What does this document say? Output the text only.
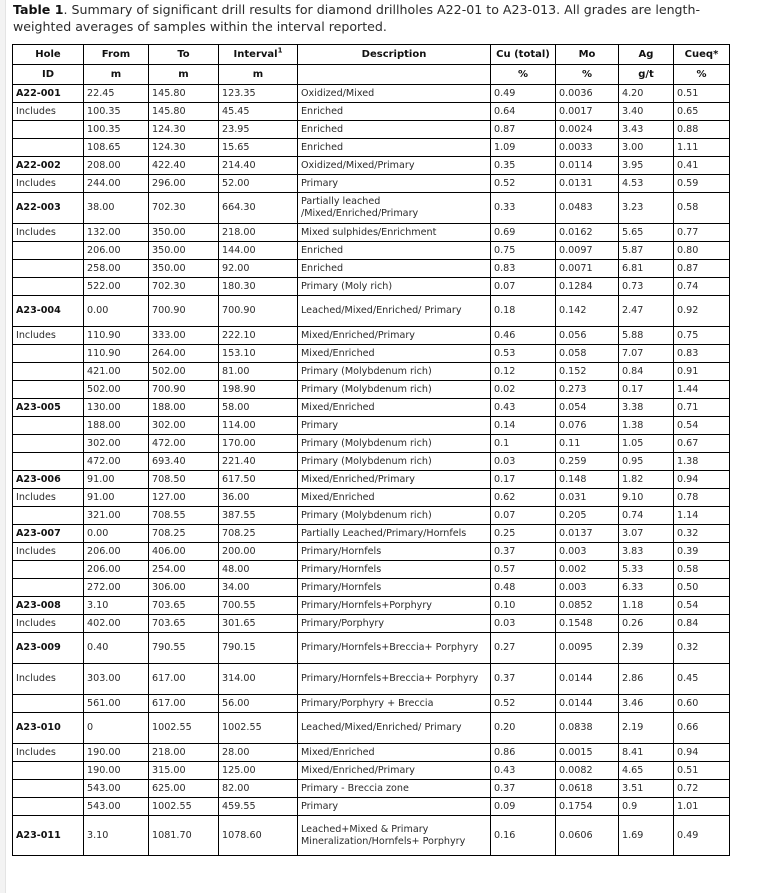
Table 1. Summary of significant drill results for diamond drillholes A22-01 to A23-013. All grades are length-weighted averages of samples within the interval reported.
Hole	From	To	Interval$^1$	Description	Cu (total)	Mo	Ag	Cueq*
ID	m	m	m		%	%	g/t	%
A22-001	22.45	145.80	123.35	Oxidized/Mixed	0.49	0.0036	4.20	0.51
Includes	100.35	145.80	45.45	Enriched	0.64	0.0017	3.40	0.65
	100.35	124.30	23.95	Enriched	0.87	0.0024	3.43	0.88
	108.65	124.30	15.65	Enriched	1.09	0.0033	3.00	1.11
A22-002	208.00	422.40	214.40	Oxidized/Mixed/Primary	0.35	0.0114	3.95	0.41
Includes	244.00	296.00	52.00	Primary	0.52	0.0131	4.53	0.59
A22-003	38.00	702.30	664.30	Partially leached /Mixed/Enriched/Primary	0.33	0.0483	3.23	0.58
Includes	132.00	350.00	218.00	Mixed sulphides/Enrichment	0.69	0.0162	5.65	0.77
	206.00	350.00	144.00	Enriched	0.75	0.0097	5.87	0.80
	258.00	350.00	92.00	Enriched	0.83	0.0071	6.81	0.87
	522.00	702.30	180.30	Primary (Moly rich)	0.07	0.1284	0.73	0.74
A23-004	0.00	700.90	700.90	Leached/Mixed/Enriched/ Primary	0.18	0.142	2.47	0.92
Includes	110.90	333.00	222.10	Mixed/Enriched/Primary	0.46	0.056	5.88	0.75
	110.90	264.00	153.10	Mixed/Enriched	0.53	0.058	7.07	0.83
	421.00	502.00	81.00	Primary (Molybdenum rich)	0.12	0.152	0.84	0.91
	502.00	700.90	198.90	Primary (Molybdenum rich)	0.02	0.273	0.17	1.44
A23-005	130.00	188.00	58.00	Mixed/Enriched	0.43	0.054	3.38	0.71
	188.00	302.00	114.00	Primary	0.14	0.076	1.38	0.54
	302.00	472.00	170.00	Primary (Molybdenum rich)	0.1	0.11	1.05	0.67
	472.00	693.40	221.40	Primary (Molybdenum rich)	0.03	0.259	0.95	1.38
A23-006	91.00	708.50	617.50	Mixed/Enriched/Primary	0.17	0.148	1.82	0.94
Includes	91.00	127.00	36.00	Mixed/Enriched	0.62	0.031	9.10	0.78
	321.00	708.55	387.55	Primary (Molybdenum rich)	0.07	0.205	0.74	1.14
A23-007	0.00	708.25	708.25	Partially Leached/Primary/Hornfels	0.25	0.0137	3.07	0.32
Includes	206.00	406.00	200.00	Primary/Hornfels	0.37	0.003	3.83	0.39
	206.00	254.00	48.00	Primary/Hornfels	0.57	0.002	5.33	0.58
	272.00	306.00	34.00	Primary/Hornfels	0.48	0.003	6.33	0.50
A23-008	3.10	703.65	700.55	Primary/Hornfels+Porphyry	0.10	0.0852	1.18	0.54
Includes	402.00	703.65	301.65	Primary/Porphyry	0.03	0.1548	0.26	0.84
A23-009	0.40	790.55	790.15	Primary/Hornfels+Breccia+ Porphyry	0.27	0.0095	2.39	0.32
Includes	303.00	617.00	314.00	Primary/Hornfels+Breccia+ Porphyry	0.37	0.0144	2.86	0.45
	561.00	617.00	56.00	Primary/Porphyry + Breccia	0.52	0.0144	3.46	0.60
A23-010	0	1002.55	1002.55	Leached/Mixed/Enriched/ Primary	0.20	0.0838	2.19	0.66
Includes	190.00	218.00	28.00	Mixed/Enriched	0.86	0.0015	8.41	0.94
	190.00	315.00	125.00	Mixed/Enriched/Primary	0.43	0.0082	4.65	0.51
	543.00	625.00	82.00	Primary - Breccia zone	0.37	0.0618	3.51	0.72
	543.00	1002.55	459.55	Primary	0.09	0.1754	0.9	1.01
A23-011	3.10	1081.70	1078.60	Leached+Mixed & Primary Mineralization/Hornfels+ Porphyry	0.16	0.0606	1.69	0.49
